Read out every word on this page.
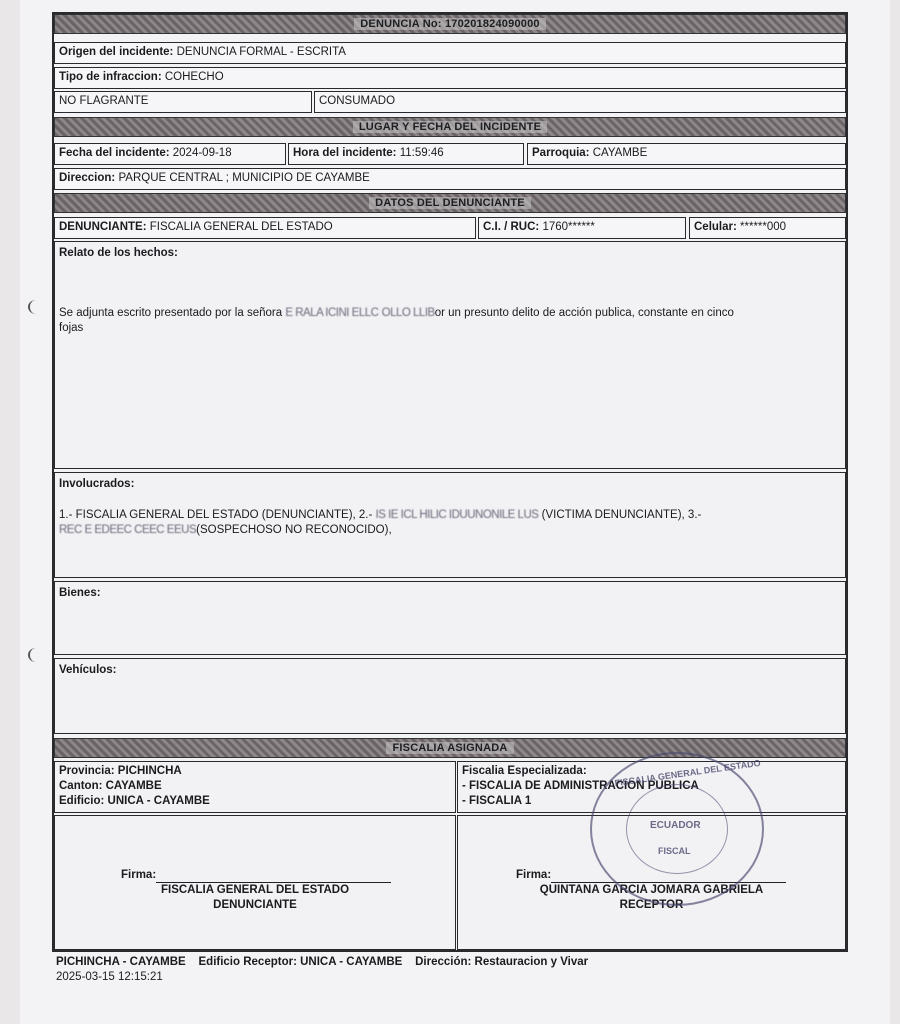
DENUNCIA No: 170201824090000
Origen del incidente: DENUNCIA FORMAL - ESCRITA
Tipo de infraccion: COHECHO
NO FLAGRANTE	CONSUMADO
LUGAR Y FECHA DEL INCIDENTE
Fecha del incidente: 2024-09-18	Hora del incidente: 11:59:46	Parroquia: CAYAMBE
Direccion: PARQUE CENTRAL ; MUNICIPIO DE CAYAMBE
DATOS DEL DENUNCIANTE
DENUNCIANTE: FISCALIA GENERAL DEL ESTADO	C.I. / RUC: 1760******	Celular: ******000
Relato de los hechos:
Se adjunta escrito presentado por la señora E RALA ICINI ELLC OLLO LLIBor un presunto delito de acción publica, constante en cinco
fojas
Involucrados:
1.- FISCALIA GENERAL DEL ESTADO (DENUNCIANTE), 2.- IS IE ICL HILIC IDUUNONILE LUS (VICTIMA DENUNCIANTE), 3.-
REC E EDEEC CEEC EEUS(SOSPECHOSO NO RECONOCIDO),
Bienes:
Vehículos:
FISCALIA ASIGNADA
Provincia: PICHINCHA
Canton: CAYAMBE
Edificio: UNICA - CAYAMBE
Fiscalia Especializada:
- FISCALIA DE ADMINISTRACION PUBLICA
- FISCALIA 1
Firma:
FISCALIA GENERAL DEL ESTADO
DENUNCIANTE
Firma:
QUINTANA GARCIA JOMARA GABRIELA
RECEPTOR
FISCALIA GENERAL DEL ESTADO
ECUADOR
FISCAL
PICHINCHA - CAYAMBE Edificio Receptor: UNICA - CAYAMBE Dirección: Restauracion y Vivar
2025-03-15 12:15:21
